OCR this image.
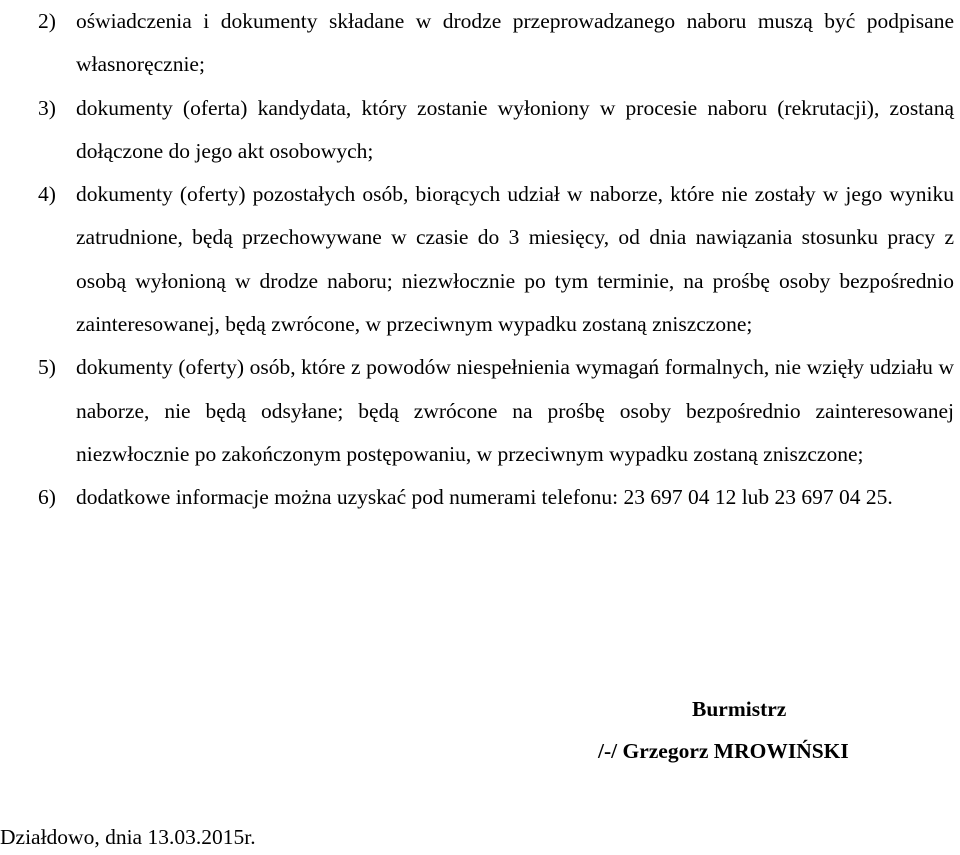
2) oświadczenia i dokumenty składane w drodze przeprowadzanego naboru muszą być podpisane własnoręcznie;
3) dokumenty (oferta) kandydata, który zostanie wyłoniony w procesie naboru (rekrutacji), zostaną dołączone do jego akt osobowych;
4) dokumenty (oferty) pozostałych osób, biorących udział w naborze, które nie zostały w jego wyniku zatrudnione, będą przechowywane w czasie do 3 miesięcy, od dnia nawiązania stosunku pracy z osobą wyłonioną w drodze naboru; niezwłocznie po tym terminie, na prośbę osoby bezpośrednio zainteresowanej, będą zwrócone, w przeciwnym wypadku zostaną zniszczone;
5) dokumenty (oferty) osób, które z powodów niespełnienia wymagań formalnych, nie wzięły udziału w naborze, nie będą odsyłane; będą zwrócone na prośbę osoby bezpośrednio zainteresowanej niezwłocznie po zakończonym postępowaniu, w przeciwnym wypadku zostaną zniszczone;
6) dodatkowe informacje można uzyskać pod numerami telefonu: 23 697 04 12 lub 23 697 04 25.
Burmistrz
/-/ Grzegorz MROWIŃSKI
Działdowo, dnia 13.03.2015r.
